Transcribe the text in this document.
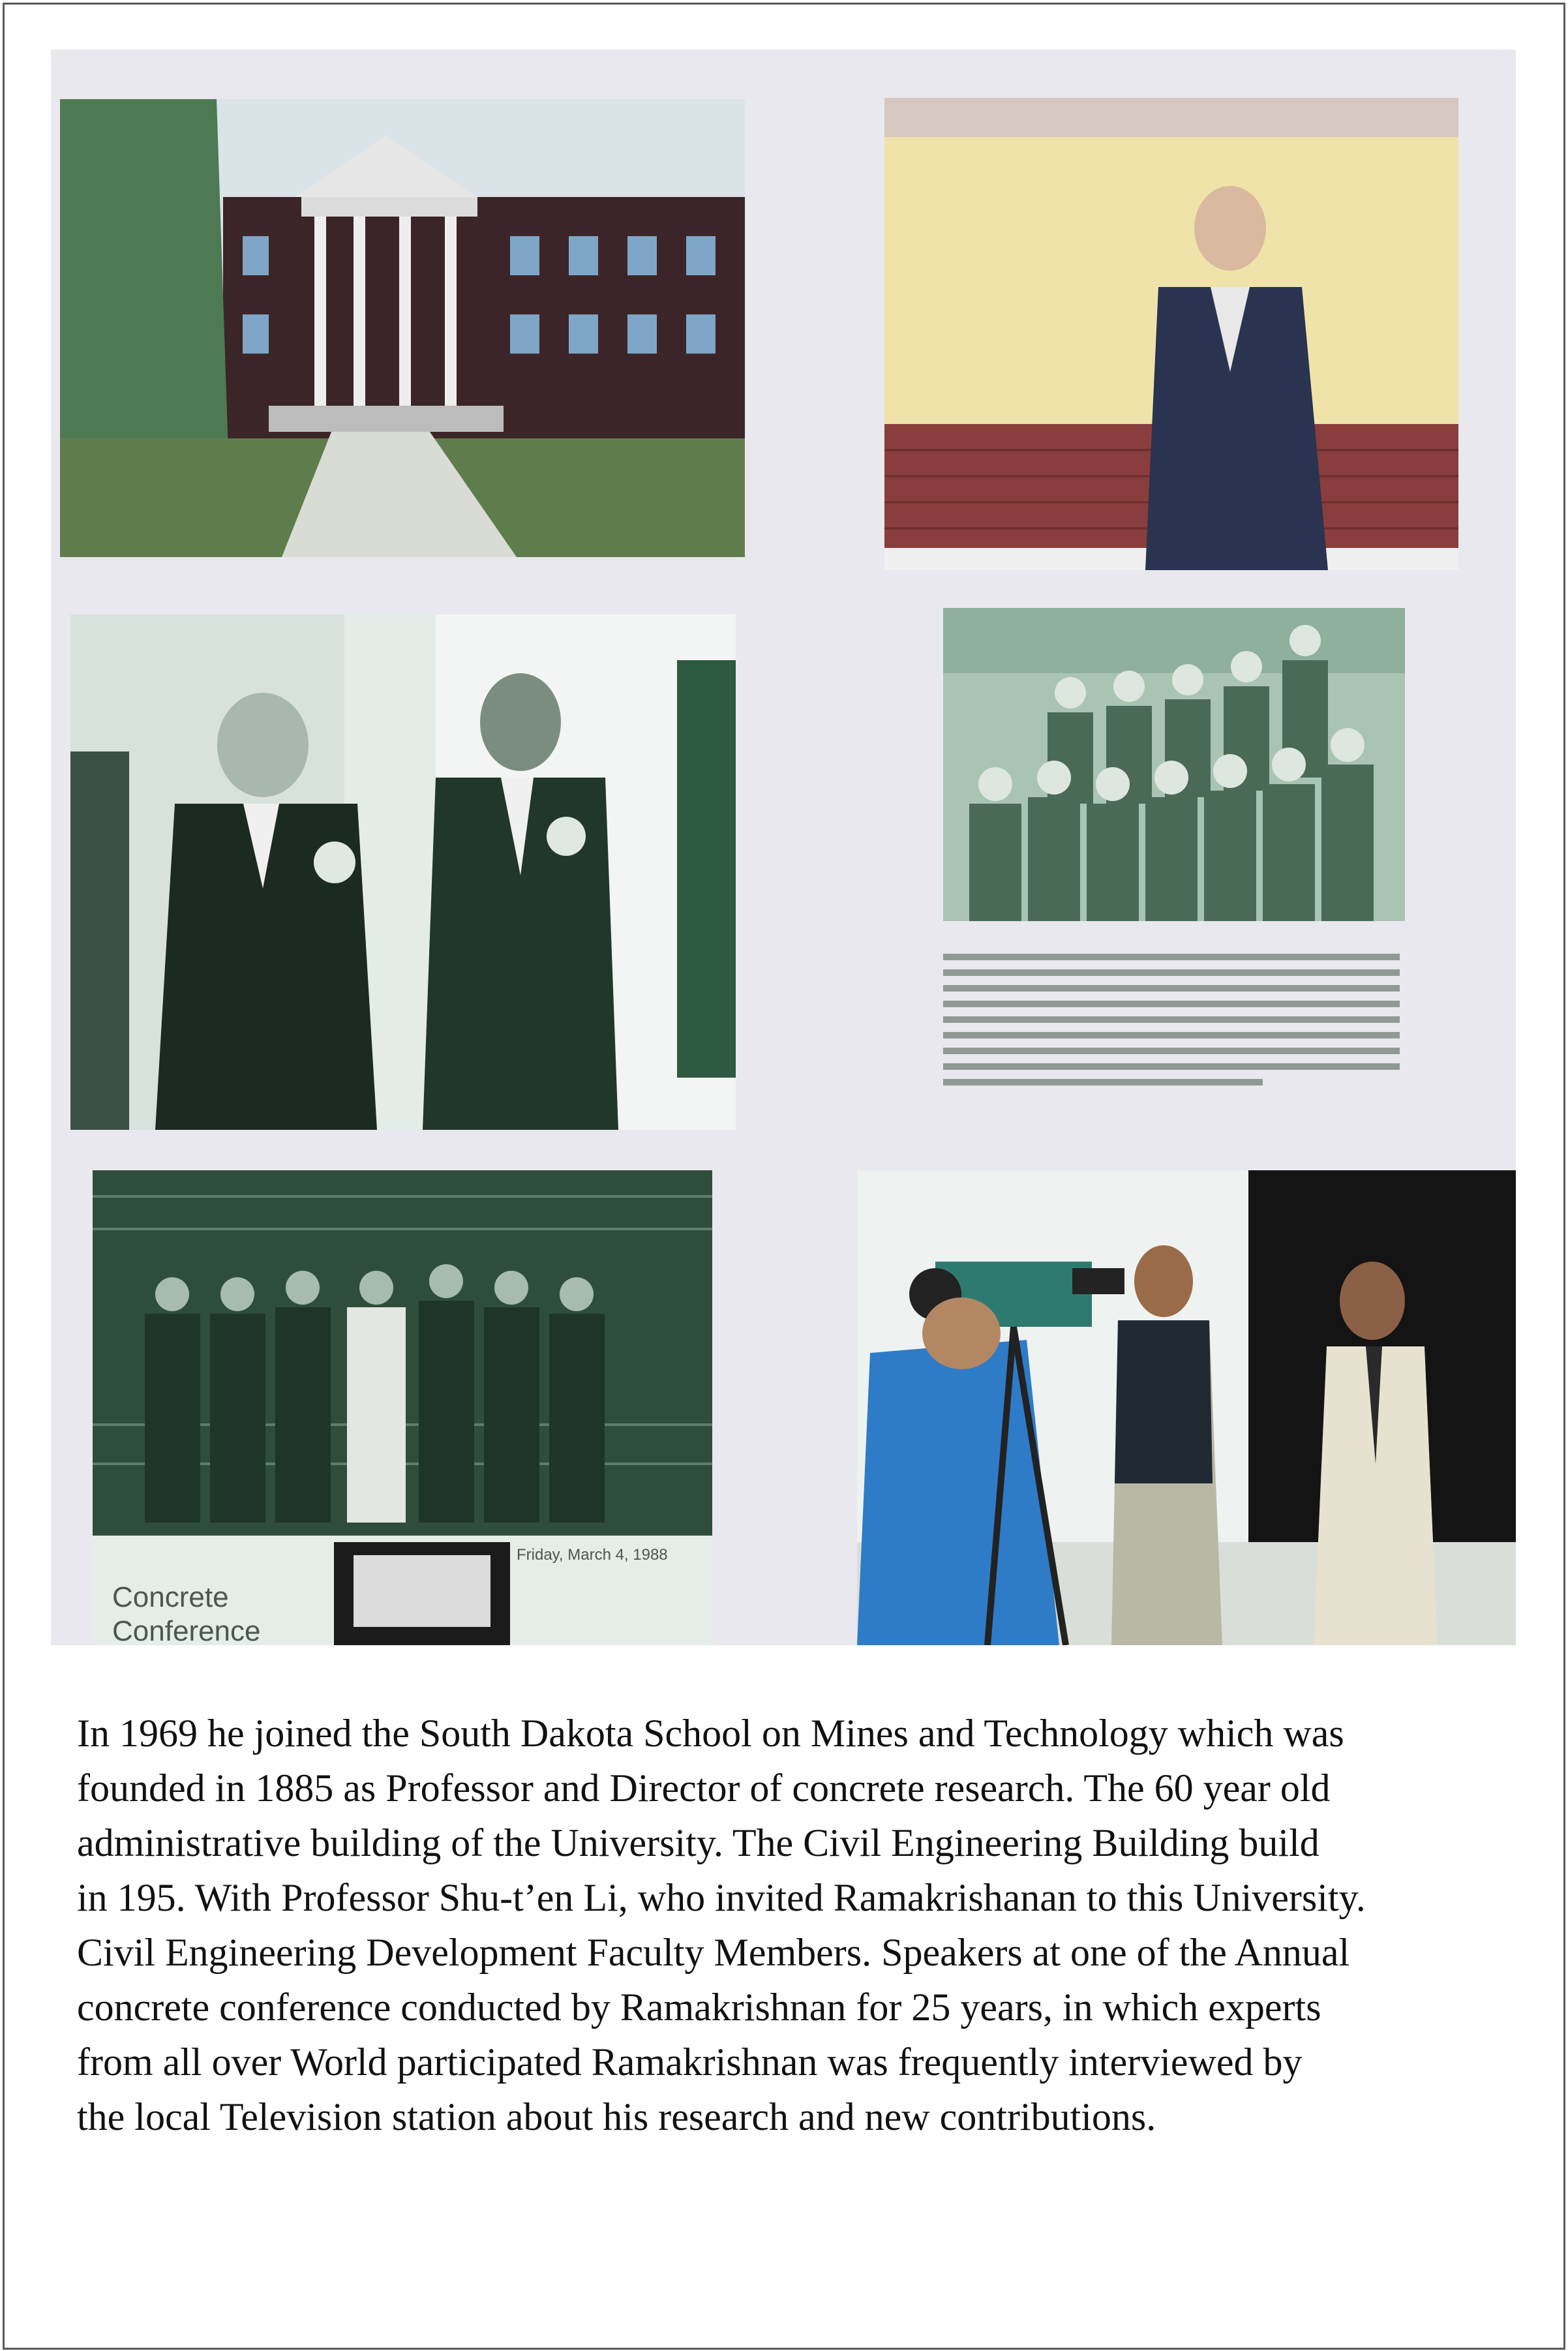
Concrete
Conference
Friday, March 4, 1988

In 1969 he joined the South Dakota School on Mines and Technology which was

founded in 1885 as Professor and Director of concrete research. The 60 year old

administrative building of the University. The Civil Engineering Building build

in 195. With Professor Shu-t’en Li, who invited Ramakrishanan to this University.

Civil Engineering Development Faculty Members. Speakers at one of the Annual

concrete conference conducted by Ramakrishnan for 25 years, in which experts

from all over World participated Ramakrishnan was frequently interviewed by

the local Television station about his research and new contributions.
